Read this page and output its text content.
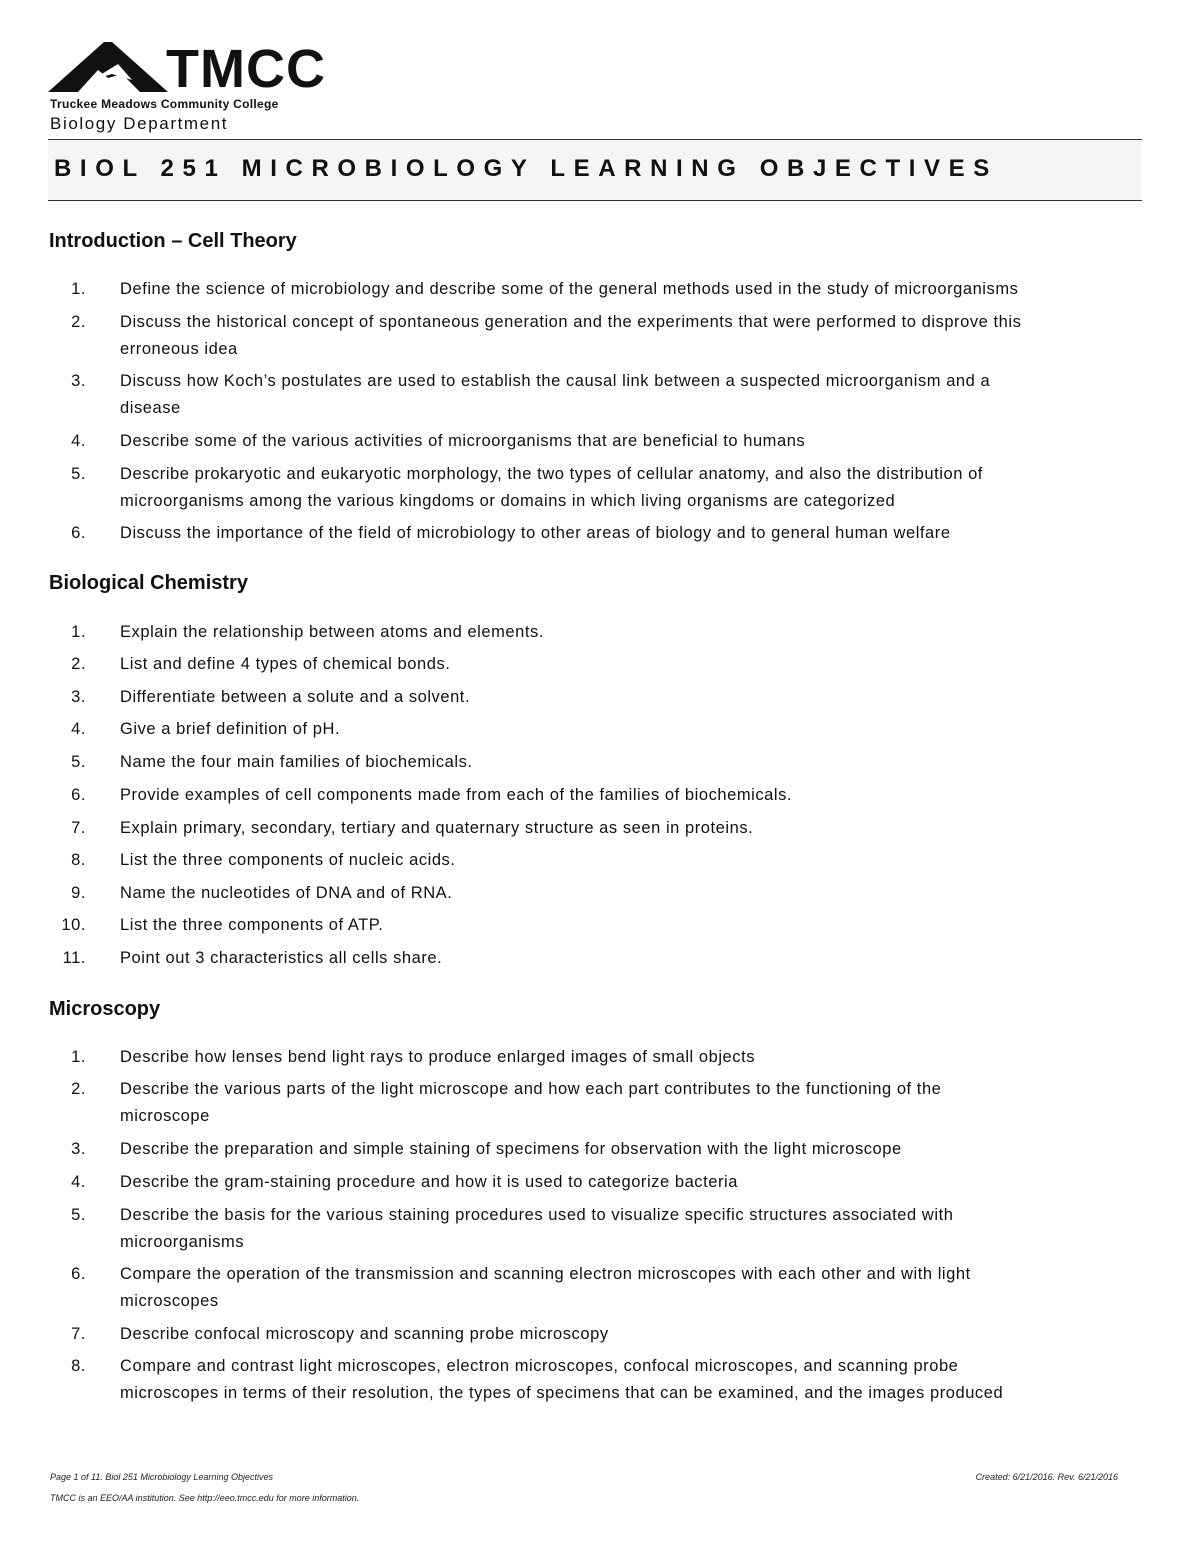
TMCC
Truckee Meadows Community College
Biology Department
BIOL 251 MICROBIOLOGY LEARNING OBJECTIVES
Introduction – Cell Theory
1. Define the science of microbiology and describe some of the general methods used in the study of microorganisms
2. Discuss the historical concept of spontaneous generation and the experiments that were performed to disprove this
erroneous idea
3. Discuss how Koch’s postulates are used to establish the causal link between a suspected microorganism and a
disease
4. Describe some of the various activities of microorganisms that are beneficial to humans
5. Describe prokaryotic and eukaryotic morphology, the two types of cellular anatomy, and also the distribution of
microorganisms among the various kingdoms or domains in which living organisms are categorized
6. Discuss the importance of the field of microbiology to other areas of biology and to general human welfare
Biological Chemistry
1. Explain the relationship between atoms and elements.
2. List and define 4 types of chemical bonds.
3. Differentiate between a solute and a solvent.
4. Give a brief definition of pH.
5. Name the four main families of biochemicals.
6. Provide examples of cell components made from each of the families of biochemicals.
7. Explain primary, secondary, tertiary and quaternary structure as seen in proteins.
8. List the three components of nucleic acids.
9. Name the nucleotides of DNA and of RNA.
10. List the three components of ATP.
11. Point out 3 characteristics all cells share.
Microscopy
1. Describe how lenses bend light rays to produce enlarged images of small objects
2. Describe the various parts of the light microscope and how each part contributes to the functioning of the
microscope
3. Describe the preparation and simple staining of specimens for observation with the light microscope
4. Describe the gram-staining procedure and how it is used to categorize bacteria
5. Describe the basis for the various staining procedures used to visualize specific structures associated with
microorganisms
6. Compare the operation of the transmission and scanning electron microscopes with each other and with light
microscopes
7. Describe confocal microscopy and scanning probe microscopy
8. Compare and contrast light microscopes, electron microscopes, confocal microscopes, and scanning probe
microscopes in terms of their resolution, the types of specimens that can be examined, and the images produced
Page 1 of 11. Biol 251 Microbiology Learning Objectives	Created: 6/21/2016. Rev. 6/21/2016
TMCC is an EEO/AA institution. See http://eeo.tmcc.edu for more information.
